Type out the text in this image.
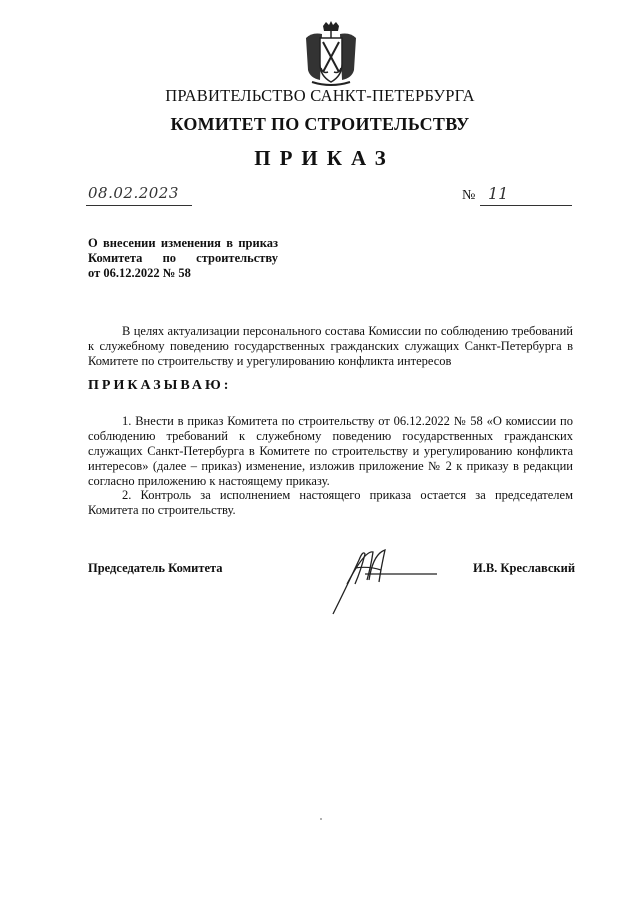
ПРАВИТЕЛЬСТВО САНКТ-ПЕТЕРБУРГА
КОМИТЕТ ПО СТРОИТЕЛЬСТВУ
ПРИКАЗ
08.02.2023	№ 11
О внесении изменения в приказ
Комитета по строительству
от 06.12.2022 № 58
В целях актуализации персонального состава Комиссии по соблюдению требований к служебному поведению государственных гражданских служащих Санкт-Петербурга в Комитете по строительству и урегулированию конфликта интересов
ПРИКАЗЫВАЮ:
1. Внести в приказ Комитета по строительству от 06.12.2022 № 58 «О комиссии по соблюдению требований к служебному поведению государственных гражданских служащих Санкт-Петербурга в Комитете по строительству и урегулированию конфликта интересов» (далее – приказ) изменение, изложив приложение № 2 к приказу в редакции согласно приложению к настоящему приказу.
2. Контроль за исполнением настоящего приказа остается за председателем Комитета по строительству.
Председатель Комитета	И.В. Креславский
